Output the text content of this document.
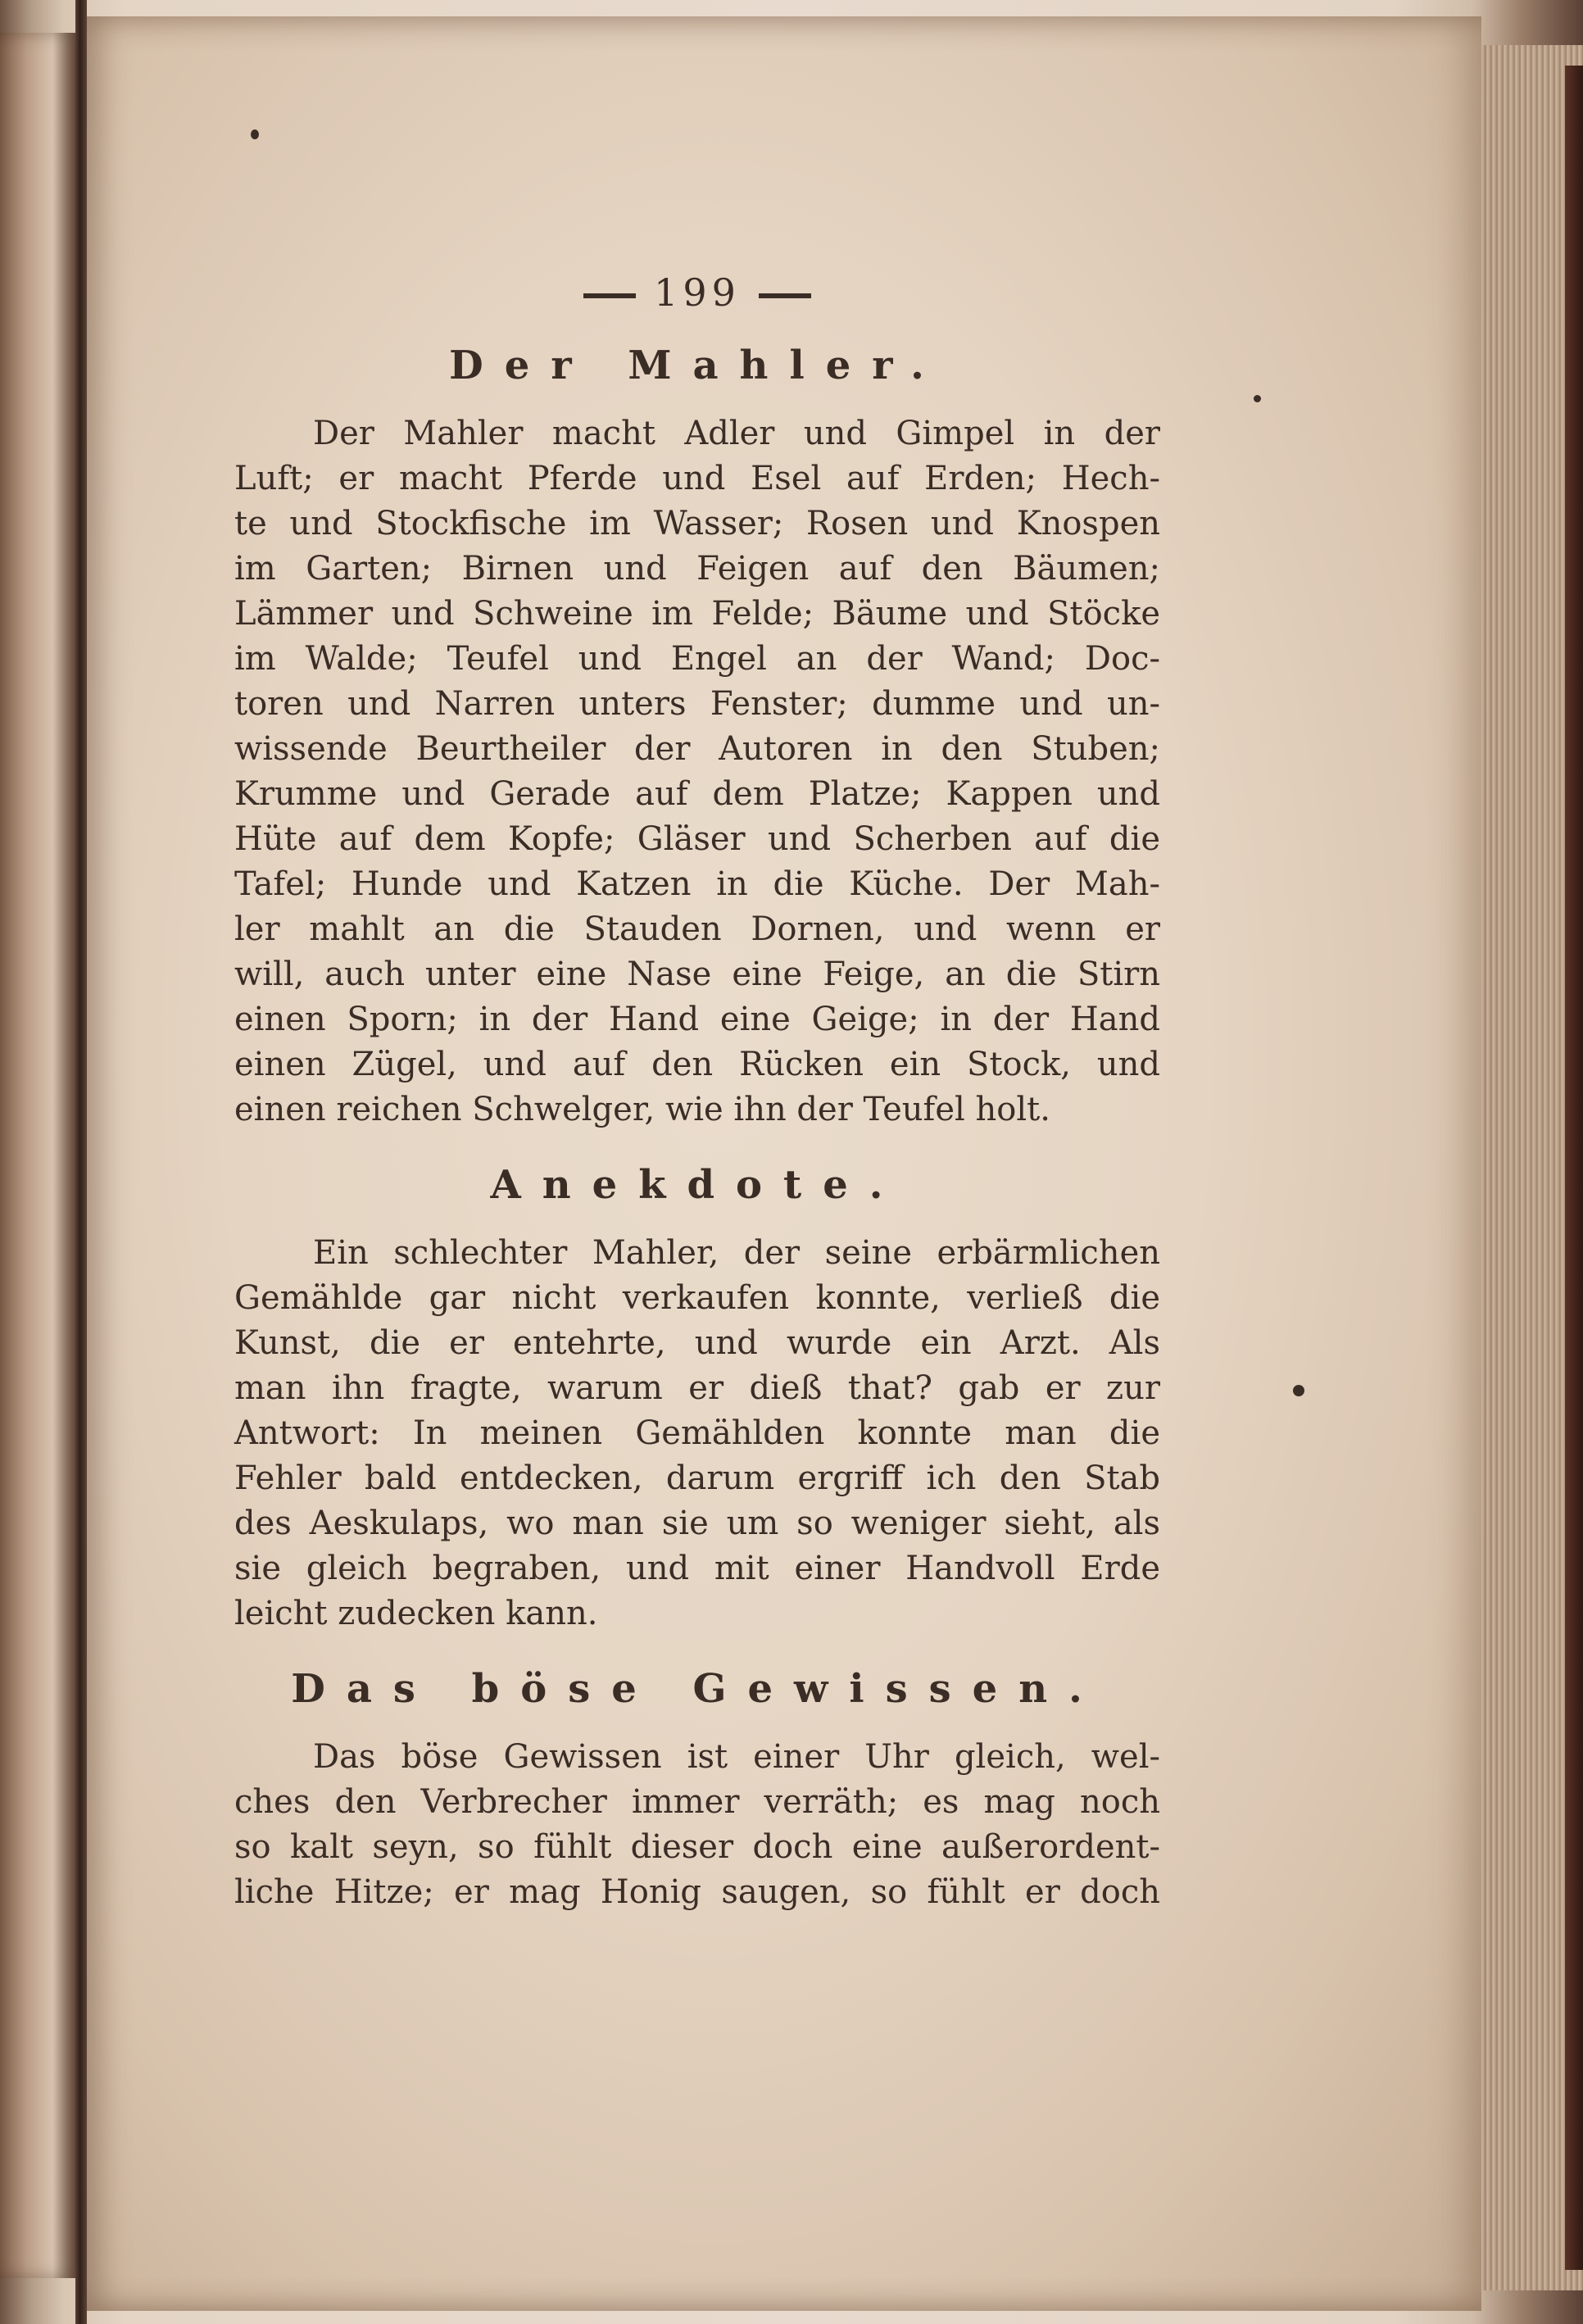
199
Der Mahler.
Der Mahler macht Adler und Gimpel in der
Luft; er macht Pferde und Esel auf Erden; Hech-
te und Stockfische im Wasser; Rosen und Knospen
im Garten; Birnen und Feigen auf den Bäumen;
Lämmer und Schweine im Felde; Bäume und Stöcke
im Walde; Teufel und Engel an der Wand; Doc-
toren und Narren unters Fenster; dumme und un-
wissende Beurtheiler der Autoren in den Stuben;
Krumme und Gerade auf dem Platze; Kappen und
Hüte auf dem Kopfe; Gläser und Scherben auf die
Tafel; Hunde und Katzen in die Küche. Der Mah-
ler mahlt an die Stauden Dornen, und wenn er
will, auch unter eine Nase eine Feige, an die Stirn
einen Sporn; in der Hand eine Geige; in der Hand
einen Zügel, und auf den Rücken ein Stock, und
einen reichen Schwelger, wie ihn der Teufel holt.
Anekdote.
Ein schlechter Mahler, der seine erbärmlichen
Gemählde gar nicht verkaufen konnte, verließ die
Kunst, die er entehrte, und wurde ein Arzt. Als
man ihn fragte, warum er dieß that? gab er zur
Antwort: In meinen Gemählden konnte man die
Fehler bald entdecken, darum ergriff ich den Stab
des Aeskulaps, wo man sie um so weniger sieht, als
sie gleich begraben, und mit einer Handvoll Erde
leicht zudecken kann.
Das böse Gewissen.
Das böse Gewissen ist einer Uhr gleich, wel-
ches den Verbrecher immer verräth; es mag noch
so kalt seyn, so fühlt dieser doch eine außerordent-
liche Hitze; er mag Honig saugen, so fühlt er doch
